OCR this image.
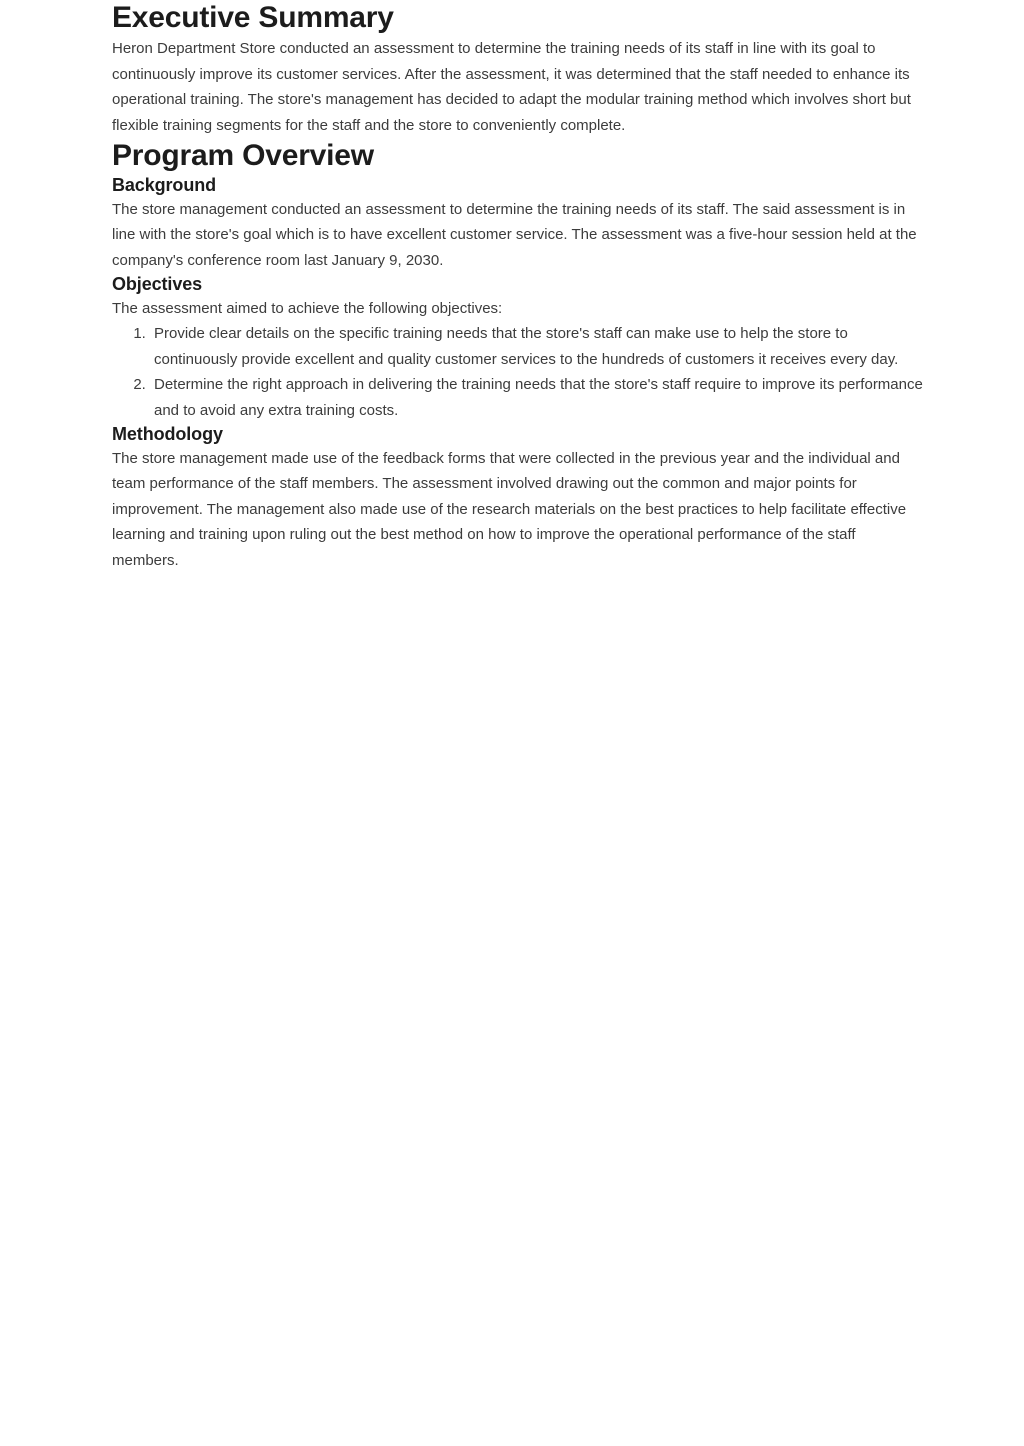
Executive Summary

Heron Department Store conducted an assessment to determine the training needs of its staff in line with its goal to continuously improve its customer services. After the assessment, it was determined that the staff needed to enhance its operational training. The store's management has decided to adapt the modular training method which involves short but flexible training segments for the staff and the store to conveniently complete.

Program Overview
Background

The store management conducted an assessment to determine the training needs of its staff. The said assessment is in line with the store's goal which is to have excellent customer service. The assessment was a five-hour session held at the company's conference room last January 9, 2030.

Objectives

The assessment aimed to achieve the following objectives:

1. Provide clear details on the specific training needs that the store's staff can make use to help the store to continuously provide excellent and quality customer services to the hundreds of customers it receives every day.
2. Determine the right approach in delivering the training needs that the store's staff require to improve its performance and to avoid any extra training costs.
Methodology

The store management made use of the feedback forms that were collected in the previous year and the individual and team performance of the staff members. The assessment involved drawing out the common and major points for improvement. The management also made use of the research materials on the best practices to help facilitate effective learning and training upon ruling out the best method on how to improve the operational performance of the staff members.
